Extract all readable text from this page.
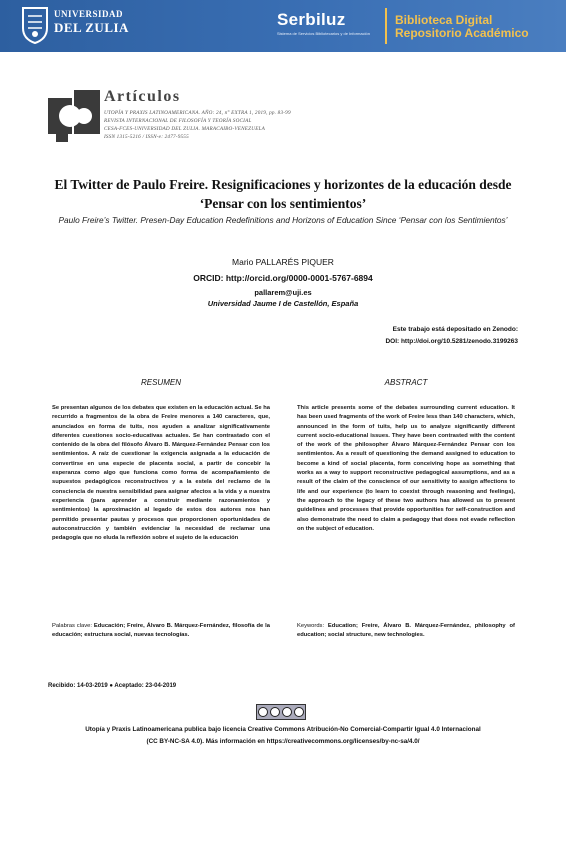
UNIVERSIDAD
DEL ZULIA	Serbiluz
Sistema de Servicios Bibliotecarios y de Información
Biblioteca Digital
Repositorio Académico
Artículos
UTOPÍA Y PRAXIS LATINOAMERICANA. AÑO: 24, n° EXTRA 1, 2019, pp. 83-99
REVISTA INTERNACIONAL DE FILOSOFÍA Y TEORÍA SOCIAL
CESA-FCES-UNIVERSIDAD DEL ZULIA. MARACAIBO-VENEZUELA
ISSN 1315-5216 / ISSN-e: 2477-9555
El Twitter de Paulo Freire. Resignificaciones y horizontes de la educación desde ‘Pensar con los sentimientos’
Paulo Freire’s Twitter. Presen-Day Education Redefinitions and Horizons of Education Since ‘Pensar con los Sentimientos’
Mario PALLARÉS PIQUER
ORCID: http://orcid.org/0000-0001-5767-6894
pallarem@uji.es
Universidad Jaume I de Castellón, España
Este trabajo está depositado en Zenodo:
DOI: http://doi.org/10.5281/zenodo.3199263
RESUMEN
Se presentan algunos de los debates que existen en la educación actual. Se ha recurrido a fragmentos de la obra de Freire menores a 140 caracteres, que, anunciados en forma de tuits, nos ayuden a analizar significativamente diferentes cuestiones socio-educativas actuales. Se han contrastado con el contenido de la obra del filósofo Álvaro B. Márquez-Fernández Pensar con los sentimientos. A raíz de cuestionar la exigencia asignada a la educación de convertirse en una especie de placenta social, a partir de concebir la esperanza como algo que funciona como forma de acompañamiento de supuestos pedagógicos reconstructivos y a la estela del reclamo de la consciencia de nuestra sensibilidad para asignar afectos a la vida y a nuestra experiencia (para aprender a construir mediante razonamientos y sentimientos) la aproximación al legado de estos dos autores nos han permitido presentar pautas y procesos que proporcionen oportunidades de autoconstrucción y también evidenciar la necesidad de reclamar una pedagogía que no eluda la reflexión sobre el sujeto de la educación
ABSTRACT
This article presents some of the debates surrounding current education. It has been used fragments of the work of Freire less than 140 characters, which, announced in the form of tuits, help us to analyze significantly different current socio-educational issues. They have been contrasted with the content of the work of the philosopher Álvaro Márquez-Fernández Pensar con los sentimientos. As a result of questioning the demand assigned to education to become a kind of social placenta, form conceiving hope as something that works as a way to support reconstructive pedagogical assumptions, and as a result of the claim of the conscience of our sensitivity to assign affections to life and our experience (to learn to coexist through reasoning and feelings), the approach to the legacy of these two authors has allowed us to present guidelines and processes that provide opportunities for self-construction and also demonstrate the need to claim a pedagogy that does not evade reflection on the subject of education.
Palabras clave: Educación; Freire, Álvaro B. Márquez-Fernández, filosofía de la educación; estructura social, nuevas tecnologías.
Keywords: Education; Freire, Álvaro B. Márquez-Fernández, philosophy of education; social structure, new technologies.
Recibido: 14-03-2019 ● Aceptado: 23-04-2019
Utopía y Praxis Latinoamericana publica bajo licencia Creative Commons Atribución-No Comercial-Compartir Igual 4.0 Internacional
(CC BY-NC-SA 4.0). Más información en https://creativecommons.org/licenses/by-nc-sa/4.0/
